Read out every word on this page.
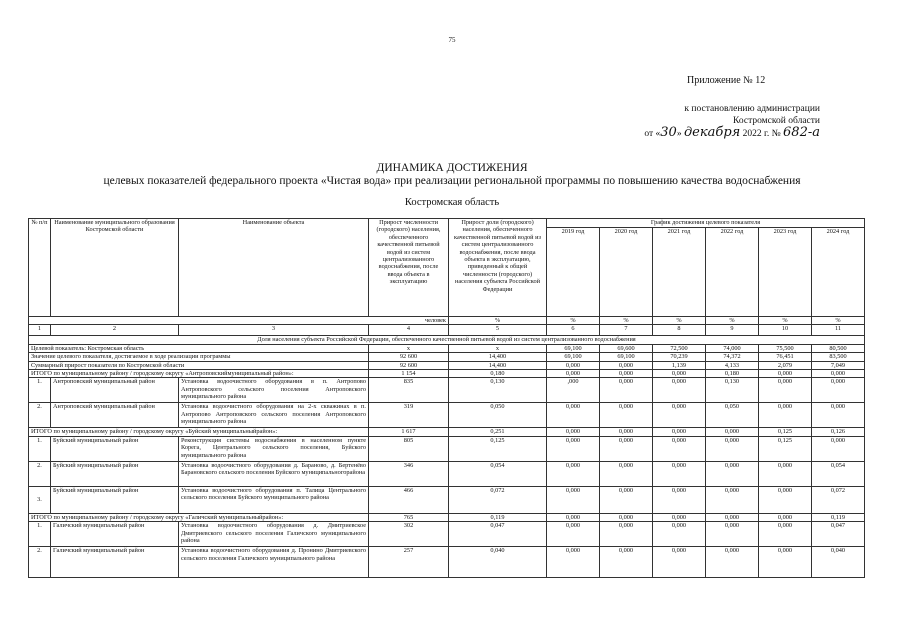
75
Приложение № 12
к постановлению администрации
Костромской области
от «30» декабря 2022 г. № 682-а
ДИНАМИКА ДОСТИЖЕНИЯ
целевых показателей федерального проекта «Чистая вода» при реализации региональной программы по повышению качества водоснабжения
Костромская область
№ п/п	Наименование муниципального образования Костромской области	Наименование объекта	Прирост численности (городского) населения, обеспеченного качественной питьевой водой из систем централизованного водоснабжения, после ввода объекта в эксплуатацию	Прирост доли (городского) населения, обеспеченного качественной питьевой водой из систем централизованного водоснабжения, после ввода объекта в эксплуатацию, приведенный к общей численности (городского) населения субъекта Российской Федерации	График достижения целевого показателя					
					2019 год	2020 год	2021 год	2022 год	2023 год	2024 год
человек				%	%	%	%	%	%	%
1	2	3	4	5	6	7	8	9	10	11
Доля населения субъекта Российской Федерации, обеспеченного качественной питьевой водой из систем централизованного водоснабжения										
Целевой показатель: Костромская область			x	x	69,100	69,600	72,500	74,000	75,500	80,500
Значение целевого показателя, достигаемое в ходе реализации программы			92 600	14,400	69,100	69,100	70,239	74,372	76,451	83,500
Суммарный прирост показателя по Костромской области			92 600	14,400	0,000	0,000	1,139	4,133	2,079	7,049
ИТОГО по муниципальному району / городскому округу «Антроповскиймуниципальный район»:			1 154	0,180	0,000	0,000	0,000	0,180	0,000	0,000
1.	Антроповский муниципальный район	Установка водоочистного оборудования в п. Антропово Антроповского сельского поселения Антроповского муниципального района	835	0,130	,000	0,000	0,000	0,130	0,000	0,000
2.	Антроповский муниципальный район	Установка водоочистного оборудования на 2-х скважинах в п. Антропово Антроповского сельского поселения Антроповского муниципального района	319	0,050	0,000	0,000	0,000	0,050	0,000	0,000
ИТОГО по муниципальному району / городскому округу «Буйский муниципальныйрайон»:			1 617	0,251	0,000	0,000	0,000	0,000	0,125	0,126
1.	Буйский муниципальный район	Реконструкция системы водоснабжения в населенном пункте Корега, Центрального сельского поселения, Буйского муниципального района	805	0,125	0,000	0,000	0,000	0,000	0,125	0,000
2.	Буйский муниципальный район	Установка водоочистного оборудования д. Бараново, д. Бертенёво Барановского сельского поселения Буйского муниципальногорайона	346	0,054	0,000	0,000	0,000	0,000	0,000	0,054
3.	Буйский муниципальный район	Установка водоочистного оборудования п. Талица Центрального сельского поселения Буйского муниципального района	466	0,072	0,000	0,000	0,000	0,000	0,000	0,072
ИТОГО по муниципальному району / городскому округу «Галичский муниципальныйрайон»:			765	0,119	0,000	0,000	0,000	0,000	0,000	0,119
1.	Галичский муниципальный район	Установка водоочистного оборудования д. Дмитриевское Дмитриевского сельского поселения Галичского муниципального района	302	0,047	0,000	0,000	0,000	0,000	0,000	0,047
2.	Галичский муниципальный район	Установка водоочистного оборудования д. Пронино Дмитриевского сельского поселения Галичского муниципального района	257	0,040	0,000	0,000	0,000	0,000	0,000	0,040
